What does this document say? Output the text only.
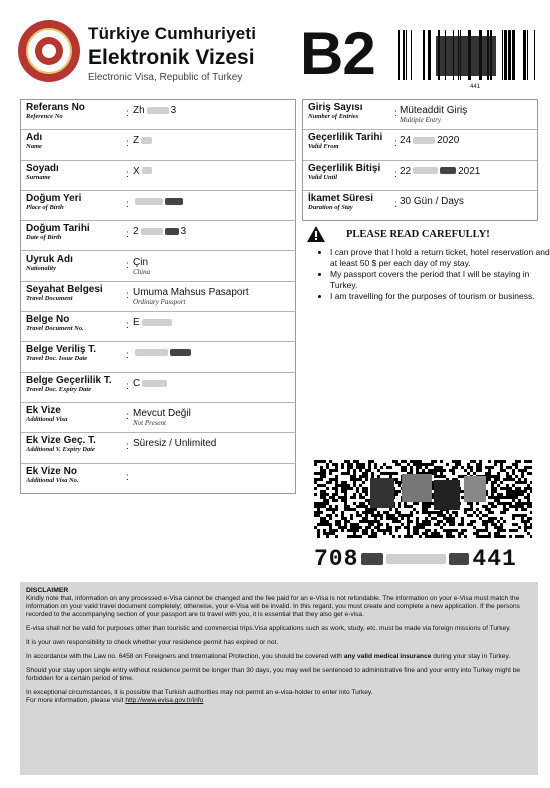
Türkiye Cumhuriyeti
Elektronik Vizesi
Electronic Visa, Republic of Turkey B2	441
Referans No
Reference No	: Zh	3
Adı
Name	: Z
Soyadı
Surname	: X
Doğum Yeri
Place of Birth	:
Doğum Tarihi
Date of Birth	: 2	3
Uyruk Adı
Nationality	: Çin
China
Seyahat Belgesi
Travel Document	: Umuma Mahsus Pasaport
Ordinary Passport
Belge No
Travel Document No.	: E
Belge Veriliş T.
Travel Doc. Issue Date	:
Belge Geçerlilik T.
Travel Doc. Expiry Date	: C
Ek Vize
Additional Visa	: Mevcut Değil
Not Present
Ek Vize Geç. T.
Additional V. Expiry Date	: Süresiz / Unlimited
Ek Vize No
Additional Visa No.	:
Giriş Sayısı
Number of Entries	: Müteaddit Giriş
Multiple Entry
Geçerlilik Tarihi
Valid From	: 24	2020
Geçerlilik Bitişi
Valid Until	: 22	2021
İkamet Süresi
Duration of Stay	: 30 Gün / Days
PLEASE READ CAREFULLY!
• I can prove that I hold a return ticket, hotel reservation and at least 50 $ per each day of my stay.
• My passport covers the period that I will be staying in Turkey.
• I am travelling for the purposes of tourism or business.
708	441

DISCLAIMER

Kindly note that, information on any processed e-Visa cannot be changed and the fee paid for an e-Visa is not refundable. The information on your e-Visa must match the information on your valid travel document completely; otherwise, your e-Visa will be invalid. In this regard, you must create and complete a new application. If the persons recorded to the accompanying section of your passport are to travel with you, it is essential that they also get e-visa.

E-visa shall not be valid for purposes other than touristic and commercial trips.Visa applications such as work, study, etc. must be made via foreign missions of Turkey.

It is your own responsibility to check whether your residence permit has expired or not.

In accordance with the Law no. 6458 on Foreigners and International Protection, you should be covered with any valid medical insurance during your stay in Turkey.

Should your stay upon single entry without residence permit be longer than 30 days, you may well be sentenced to administrative fine and your entry into Turkey might be forbidden for a certain period of time.

In exceptional circumstances, it is possible that Turkish authorities may not permit an e-visa-holder to enter into Turkey.
For more information, please visit http://www.evisa.gov.tr/info
